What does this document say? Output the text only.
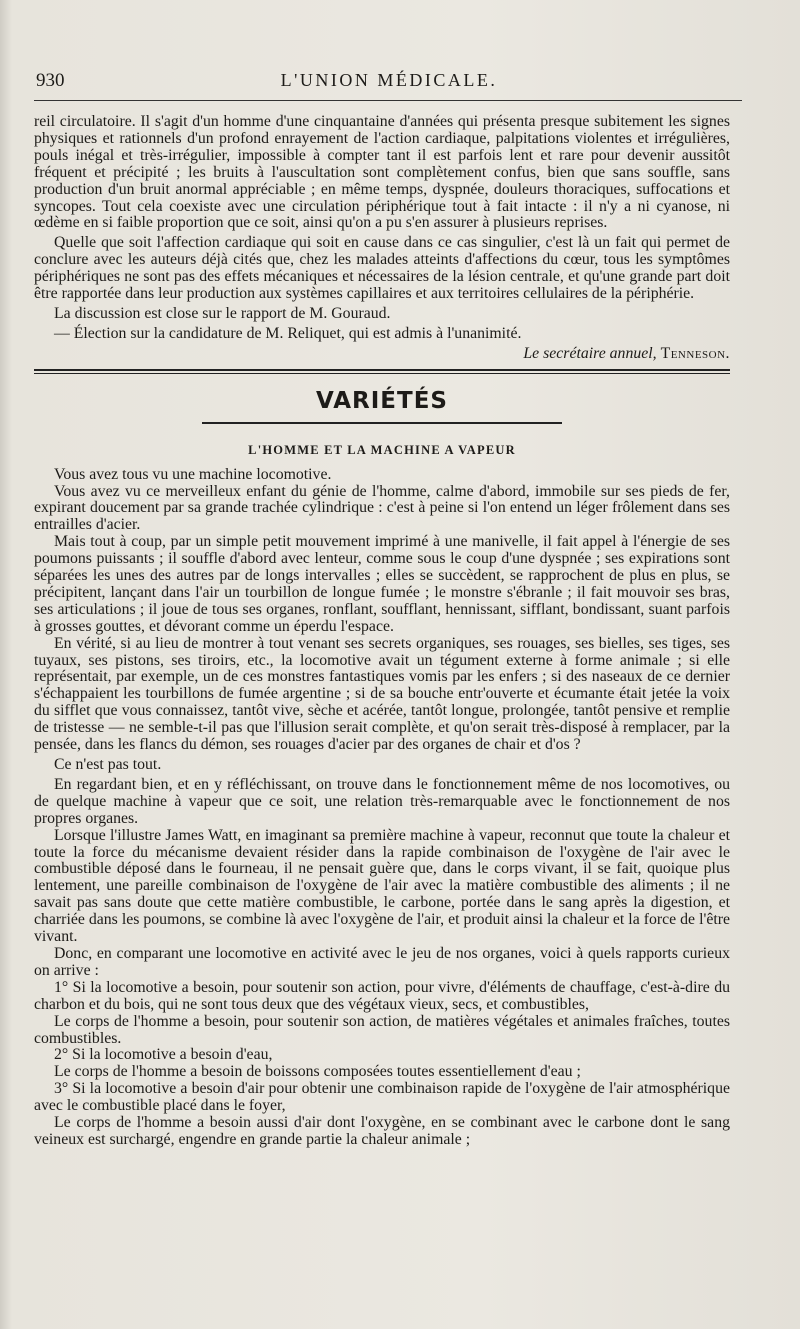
930	L'UNION MÉDICALE.

reil circulatoire. Il s'agit d'un homme d'une cinquantaine d'années qui présenta presque subitement les signes physiques et rationnels d'un profond enrayement de l'action cardiaque, palpitations violentes et irrégulières, pouls inégal et très-irrégulier, impossible à compter tant il est parfois lent et rare pour devenir aussitôt fréquent et précipité ; les bruits à l'auscultation sont complètement confus, bien que sans souffle, sans production d'un bruit anormal appréciable ; en même temps, dyspnée, douleurs thoraciques, suffocations et syncopes. Tout cela coexiste avec une circulation périphérique tout à fait intacte : il n'y a ni cyanose, ni œdème en si faible proportion que ce soit, ainsi qu'on a pu s'en assurer à plusieurs reprises.

Quelle que soit l'affection cardiaque qui soit en cause dans ce cas singulier, c'est là un fait qui permet de conclure avec les auteurs déjà cités que, chez les malades atteints d'affections du cœur, tous les symptômes périphériques ne sont pas des effets mécaniques et nécessaires de la lésion centrale, et qu'une grande part doit être rapportée dans leur production aux systèmes capillaires et aux territoires cellulaires de la périphérie.

La discussion est close sur le rapport de M. Gouraud.

— Élection sur la candidature de M. Reliquet, qui est admis à l'unanimité.

Le secrétaire annuel, Tenneson.
VARIÉTÉS
L'HOMME ET LA MACHINE A VAPEUR

Vous avez tous vu une machine locomotive.

Vous avez vu ce merveilleux enfant du génie de l'homme, calme d'abord, immobile sur ses pieds de fer, expirant doucement par sa grande trachée cylindrique : c'est à peine si l'on entend un léger frôlement dans ses entrailles d'acier.

Mais tout à coup, par un simple petit mouvement imprimé à une manivelle, il fait appel à l'énergie de ses poumons puissants ; il souffle d'abord avec lenteur, comme sous le coup d'une dyspnée ; ses expirations sont séparées les unes des autres par de longs intervalles ; elles se succèdent, se rapprochent de plus en plus, se précipitent, lançant dans l'air un tourbillon de longue fumée ; le monstre s'ébranle ; il fait mouvoir ses bras, ses articulations ; il joue de tous ses organes, ronflant, soufflant, hennissant, sifflant, bondissant, suant parfois à grosses gouttes, et dévorant comme un éperdu l'espace.

En vérité, si au lieu de montrer à tout venant ses secrets organiques, ses rouages, ses bielles, ses tiges, ses tuyaux, ses pistons, ses tiroirs, etc., la locomotive avait un tégument externe à forme animale ; si elle représentait, par exemple, un de ces monstres fantastiques vomis par les enfers ; si des naseaux de ce dernier s'échappaient les tourbillons de fumée argentine ; si de sa bouche entr'ouverte et écumante était jetée la voix du sifflet que vous connaissez, tantôt vive, sèche et acérée, tantôt longue, prolongée, tantôt pensive et remplie de tristesse — ne semble-t-il pas que l'illusion serait complète, et qu'on serait très-disposé à remplacer, par la pensée, dans les flancs du démon, ses rouages d'acier par des organes de chair et d'os ?

Ce n'est pas tout.

En regardant bien, et en y réfléchissant, on trouve dans le fonctionnement même de nos locomotives, ou de quelque machine à vapeur que ce soit, une relation très-remarquable avec le fonctionnement de nos propres organes.

Lorsque l'illustre James Watt, en imaginant sa première machine à vapeur, reconnut que toute la chaleur et toute la force du mécanisme devaient résider dans la rapide combinaison de l'oxygène de l'air avec le combustible déposé dans le fourneau, il ne pensait guère que, dans le corps vivant, il se fait, quoique plus lentement, une pareille combinaison de l'oxygène de l'air avec la matière combustible des aliments ; il ne savait pas sans doute que cette matière combustible, le carbone, portée dans le sang après la digestion, et charriée dans les poumons, se combine là avec l'oxygène de l'air, et produit ainsi la chaleur et la force de l'être vivant.

Donc, en comparant une locomotive en activité avec le jeu de nos organes, voici à quels rapports curieux on arrive :

1° Si la locomotive a besoin, pour soutenir son action, pour vivre, d'éléments de chauffage, c'est-à-dire du charbon et du bois, qui ne sont tous deux que des végétaux vieux, secs, et combustibles,

Le corps de l'homme a besoin, pour soutenir son action, de matières végétales et animales fraîches, toutes combustibles.

2° Si la locomotive a besoin d'eau,

Le corps de l'homme a besoin de boissons composées toutes essentiellement d'eau ;

3° Si la locomotive a besoin d'air pour obtenir une combinaison rapide de l'oxygène de l'air atmosphérique avec le combustible placé dans le foyer,

Le corps de l'homme a besoin aussi d'air dont l'oxygène, en se combinant avec le carbone dont le sang veineux est surchargé, engendre en grande partie la chaleur animale ;
